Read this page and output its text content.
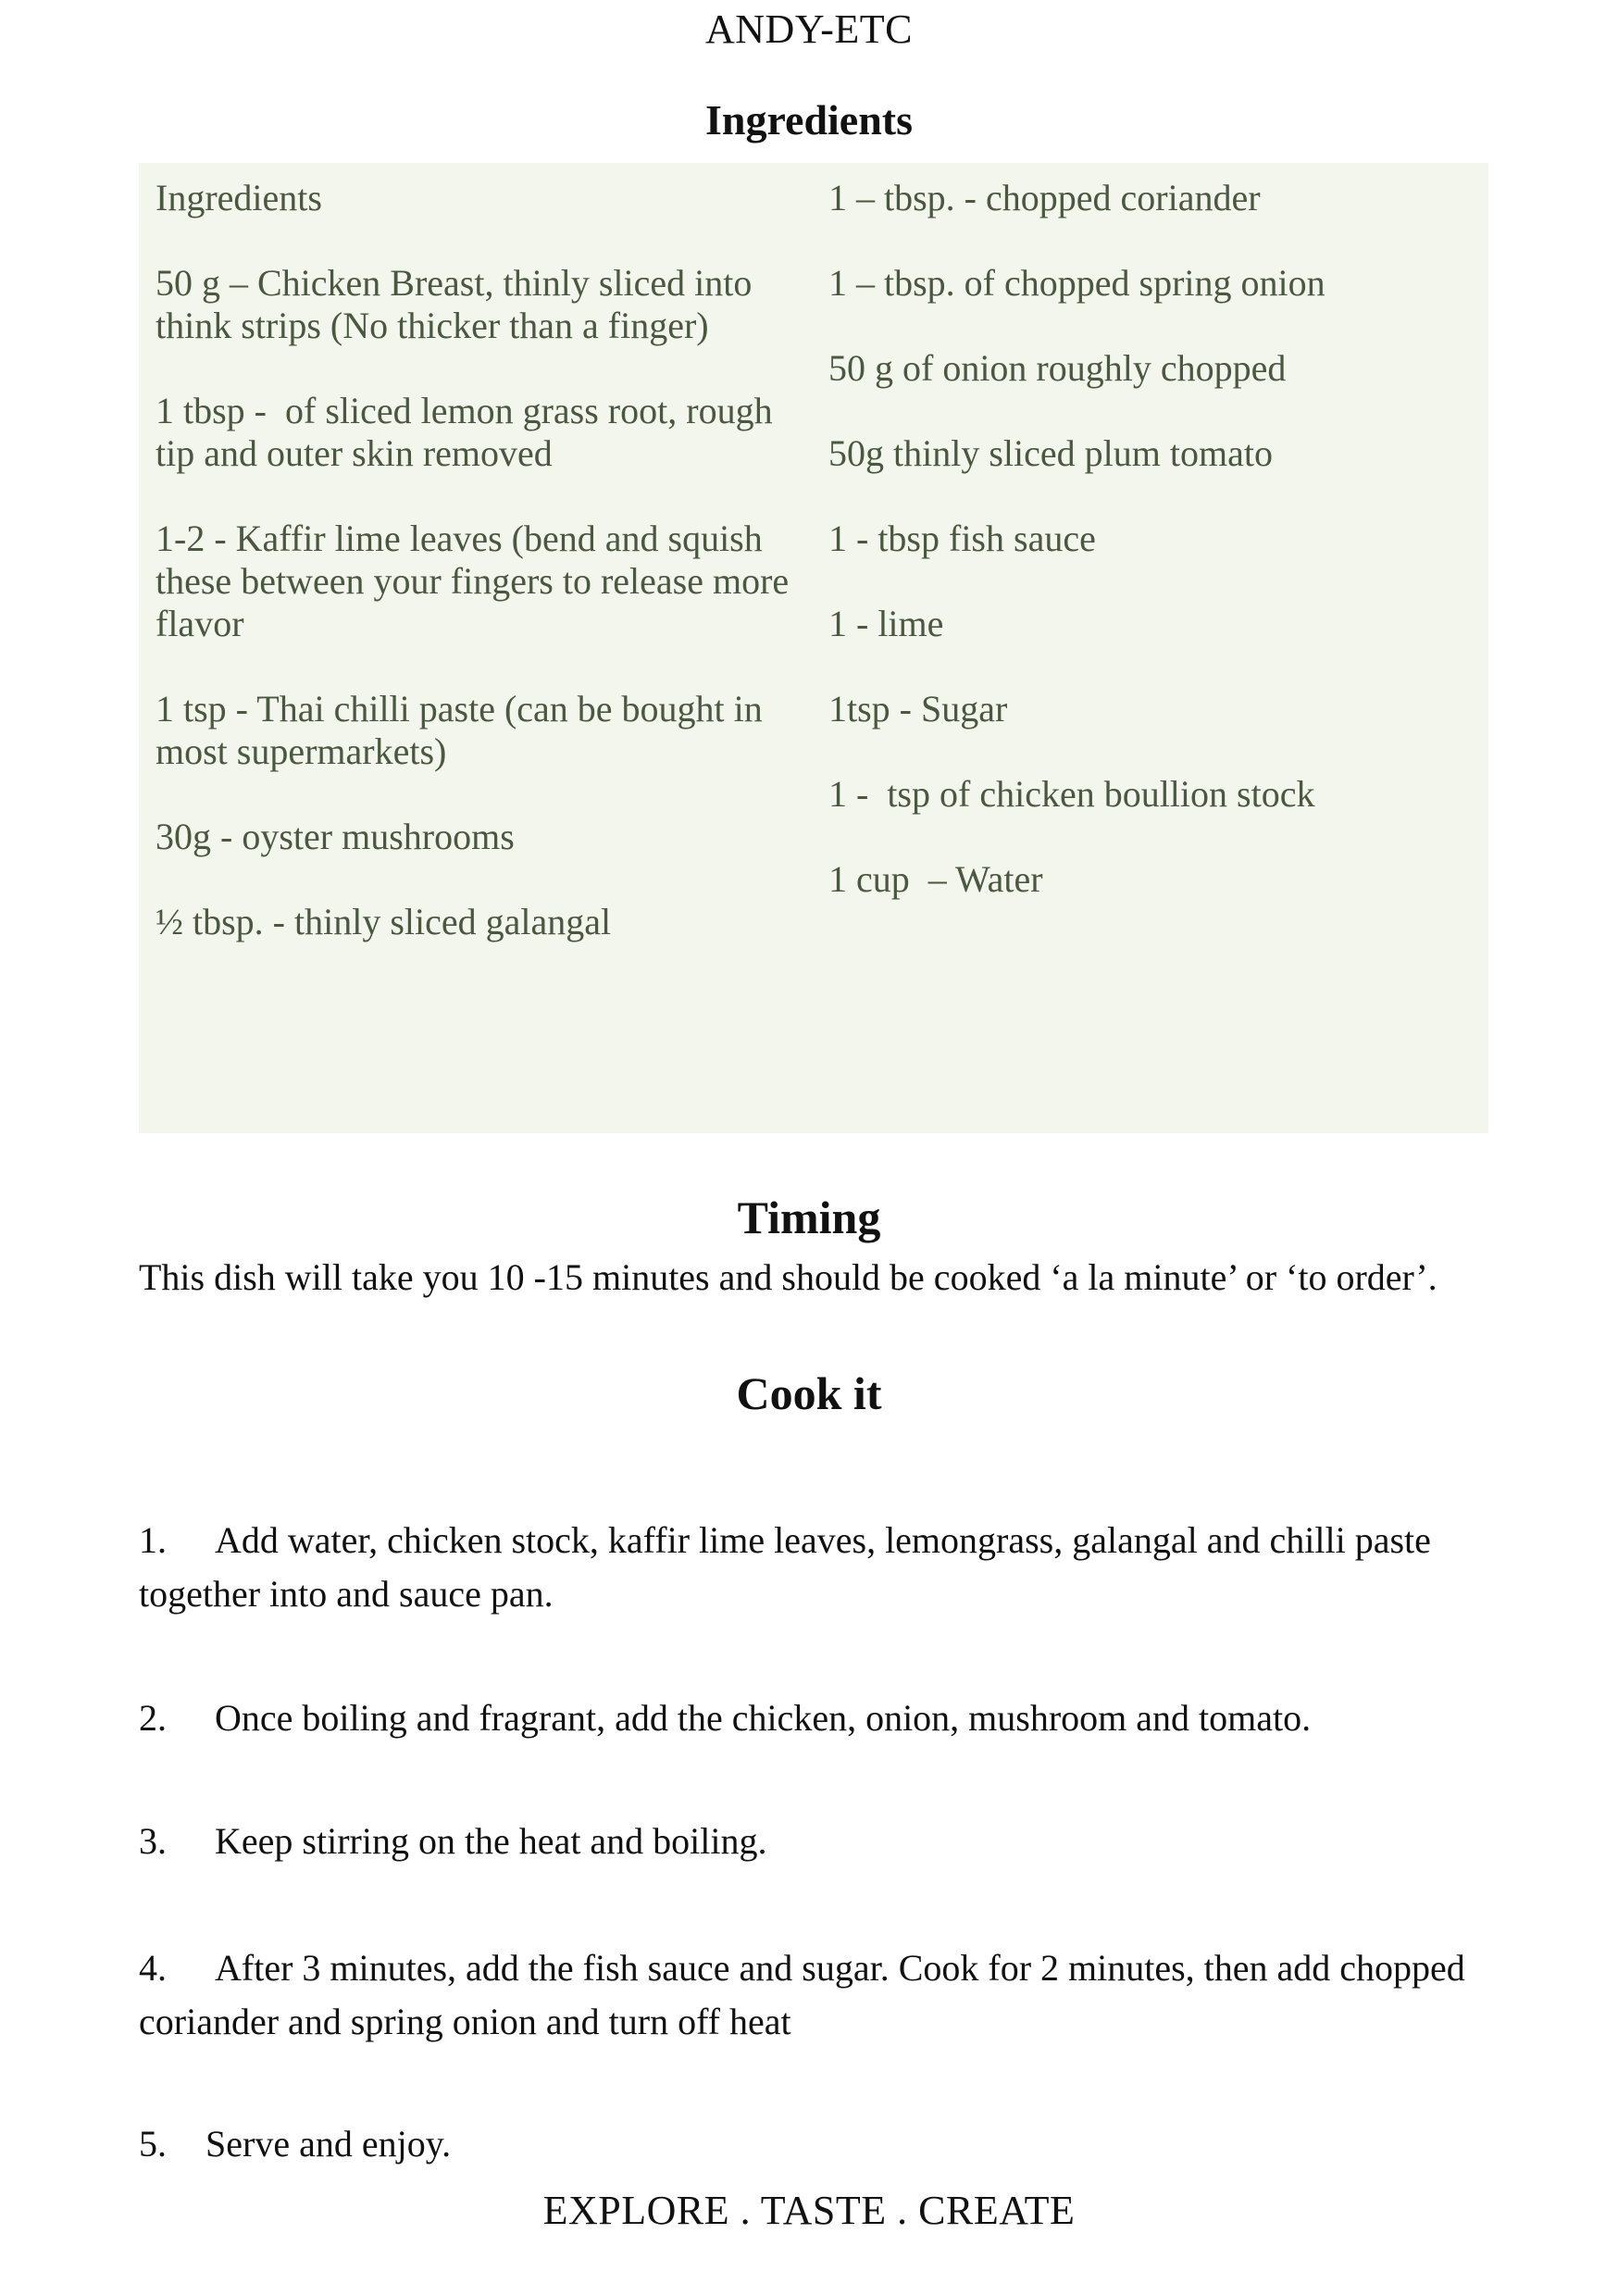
ANDY-ETC
Ingredients

Ingredients

50 g – Chicken Breast, thinly sliced into think strips (No thicker than a finger)

1 tbsp -  of sliced lemon grass root, rough tip and outer skin removed

1-2 - Kaffir lime leaves (bend and squish these between your fingers to release more flavor

1 tsp - Thai chilli paste (can be bought in most supermarkets)

30g - oyster mushrooms

½ tbsp. - thinly sliced galangal

1 – tbsp. - chopped coriander

1 – tbsp. of chopped spring onion

50 g of onion roughly chopped

50g thinly sliced plum tomato

1 - tbsp fish sauce

1 - lime

1tsp - Sugar

1 -  tsp of chicken boullion stock

1 cup  – Water

Timing
This dish will take you 10 -15 minutes and should be cooked ‘a la minute’ or ‘to order’.
Cook it

1. Add water, chicken stock, kaffir lime leaves, lemongrass, galangal and chilli paste together into and sauce pan.

2. Once boiling and fragrant, add the chicken, onion, mushroom and tomato.

3. Keep stirring on the heat and boiling.

4. After 3 minutes, add the fish sauce and sugar. Cook for 2 minutes, then add chopped coriander and spring onion and turn off heat

5. Serve and enjoy.

EXPLORE . TASTE . CREATE
